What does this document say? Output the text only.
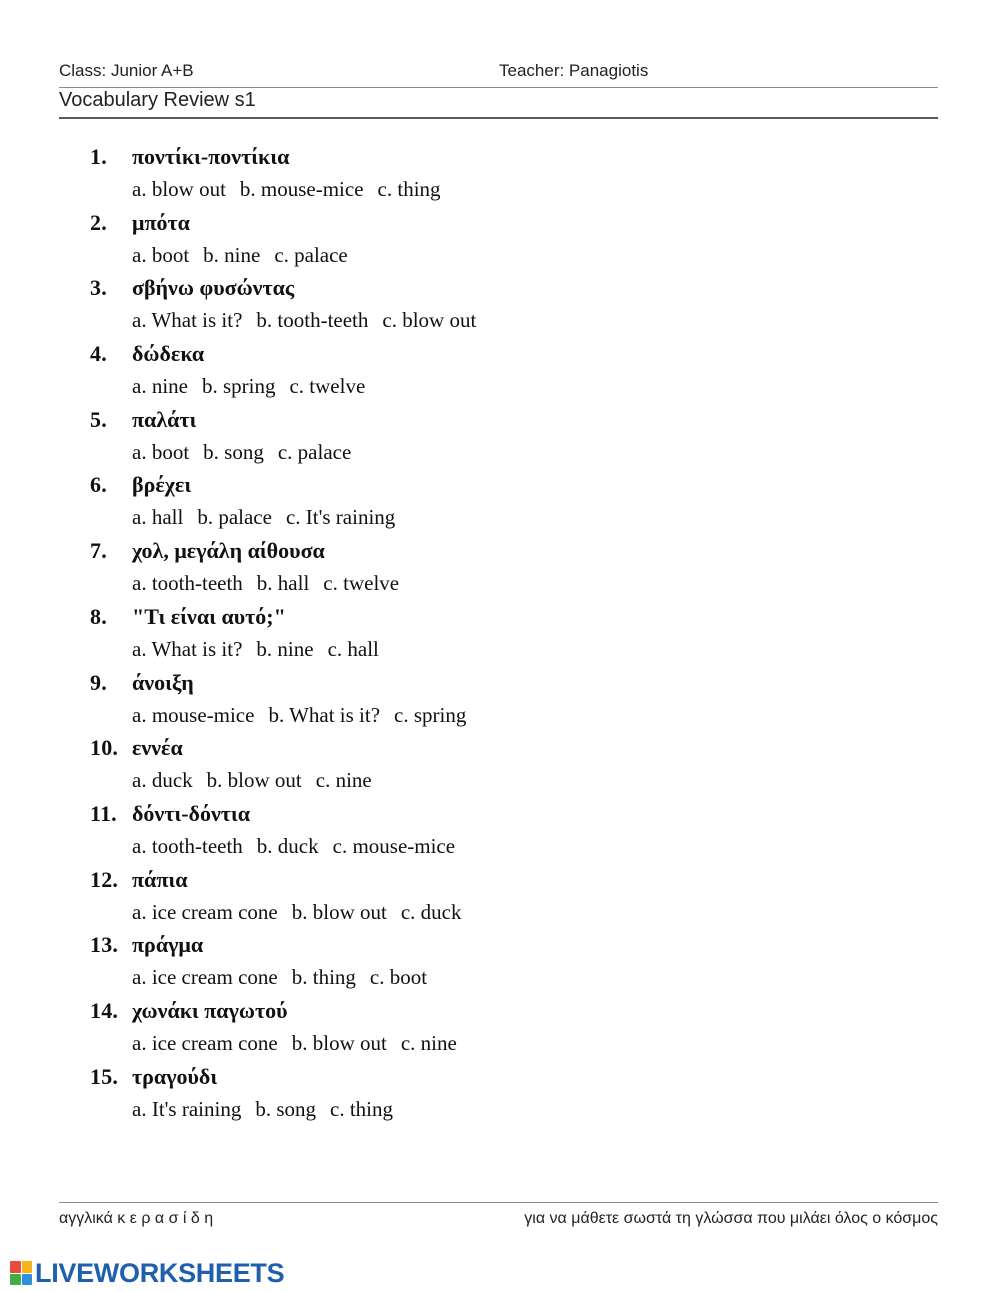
Class: Junior A+B	Teacher: Panagiotis
Vocabulary Review s1
1. ποντίκι-ποντίκια
a. blow out b. mouse-mice c. thing
2. μπότα
a. boot b. nine c. palace
3. σβήνω φυσώντας
a. What is it? b. tooth-teeth c. blow out
4. δώδεκα
a. nine b. spring c. twelve
5. παλάτι
a. boot b. song c. palace
6. βρέχει
a. hall b. palace c. It's raining
7. χολ, μεγάλη αίθουσα
a. tooth-teeth b. hall c. twelve
8. "Τι είναι αυτό;"
a. What is it? b. nine c. hall
9. άνοιξη
a. mouse-mice b. What is it? c. spring
10. εννέα
a. duck b. blow out c. nine
11. δόντι-δόντια
a. tooth-teeth b. duck c. mouse-mice
12. πάπια
a. ice cream cone b. blow out c. duck
13. πράγμα
a. ice cream cone b. thing c. boot
14. χωνάκι παγωτού
a. ice cream cone b. blow out c. nine
15. τραγούδι
a. It's raining b. song c. thing
αγγλικά κ ε ρ α σ ί δ η	για να μάθετε σωστά τη γλώσσα που μιλάει όλος ο κόσμος
LIVEWORKSHEETS
